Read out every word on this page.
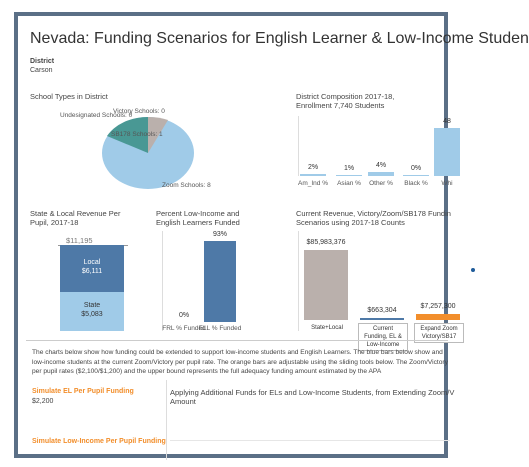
Nevada: Funding Scenarios for English Learner & Low-Income Studen
District
Carson
School Types in District
Victory Schools: 0
Undesignated Schools: 0
SB178 Schools: 1
Zoom Schools: 8
District Composition 2017-18,
Enrollment 7,740 Students
2%
Am_Ind %
1%
Asian %
4%
Other %
0%
Black %
48
Whi
State & Local Revenue Per
Pupil, 2017-18
$11,195
Local
$6,111
State
$5,083
Percent Low-Income and
English Learners Funded
0%
FRL % Funded
93%
ELL % Funded
Current Revenue, Victory/Zoom/SB178 Fundin
Scenarios using 2017-18 Counts
$85,983,376
State+Local
$663,304
Current Funding, EL & Low-Income
$7,257,300
Expand Zoom Victory/SB17
The charts below show how funding could be extended to support low-income students and English Learners. The blue bars below show and low-income students at the current Zoom/Victory per pupil rate. The orange bars are adjustable using the sliding tools below. The Zoom/Victory per pupil rates ($2,100/$1,200) and the upper bound represents the full adequacy funding amount estimated by the APA
Simulate EL Per Pupil Funding
$2,200
Simulate Low-Income Per Pupil Funding
Applying Additional Funds for ELs and Low-Income Students, from Extending Zoom/V
Amount
